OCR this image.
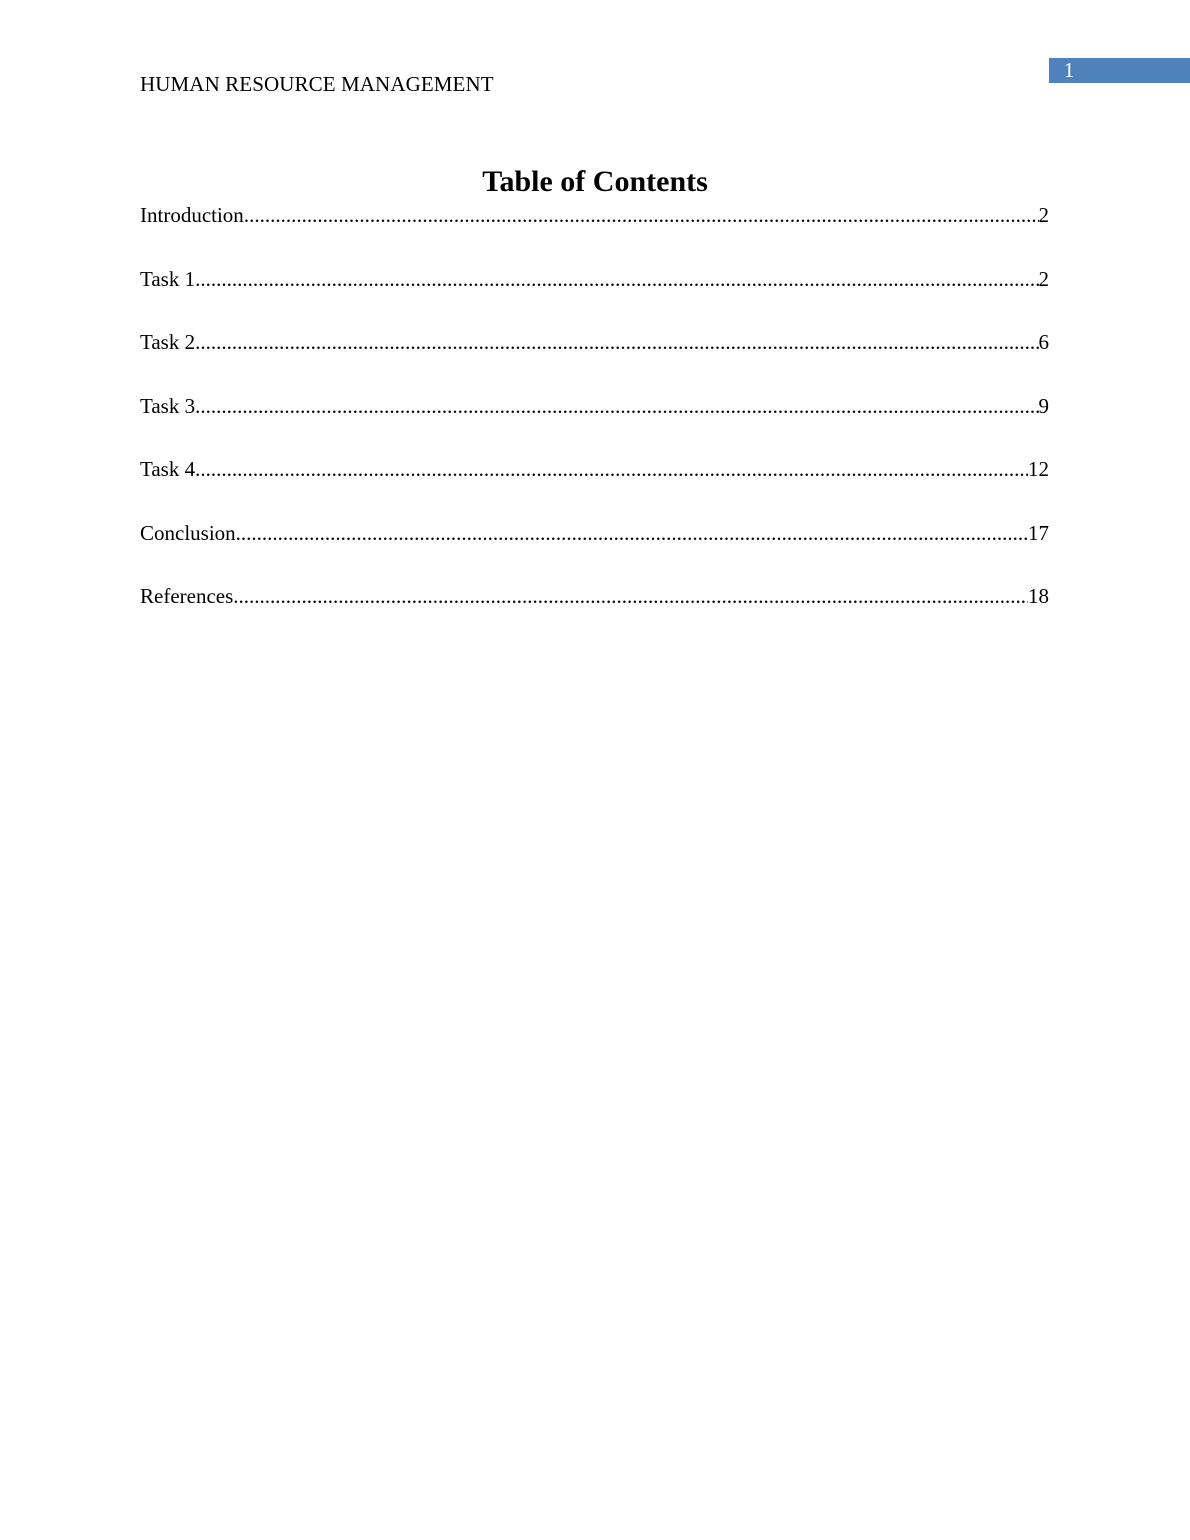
HUMAN RESOURCE MANAGEMENT
1
Table of Contents
Introduction .....	2
Task 1 .....	2
Task 2 .....	6
Task 3 .....	9
Task 4 .....	12
Conclusion .....	17
References .....	18
